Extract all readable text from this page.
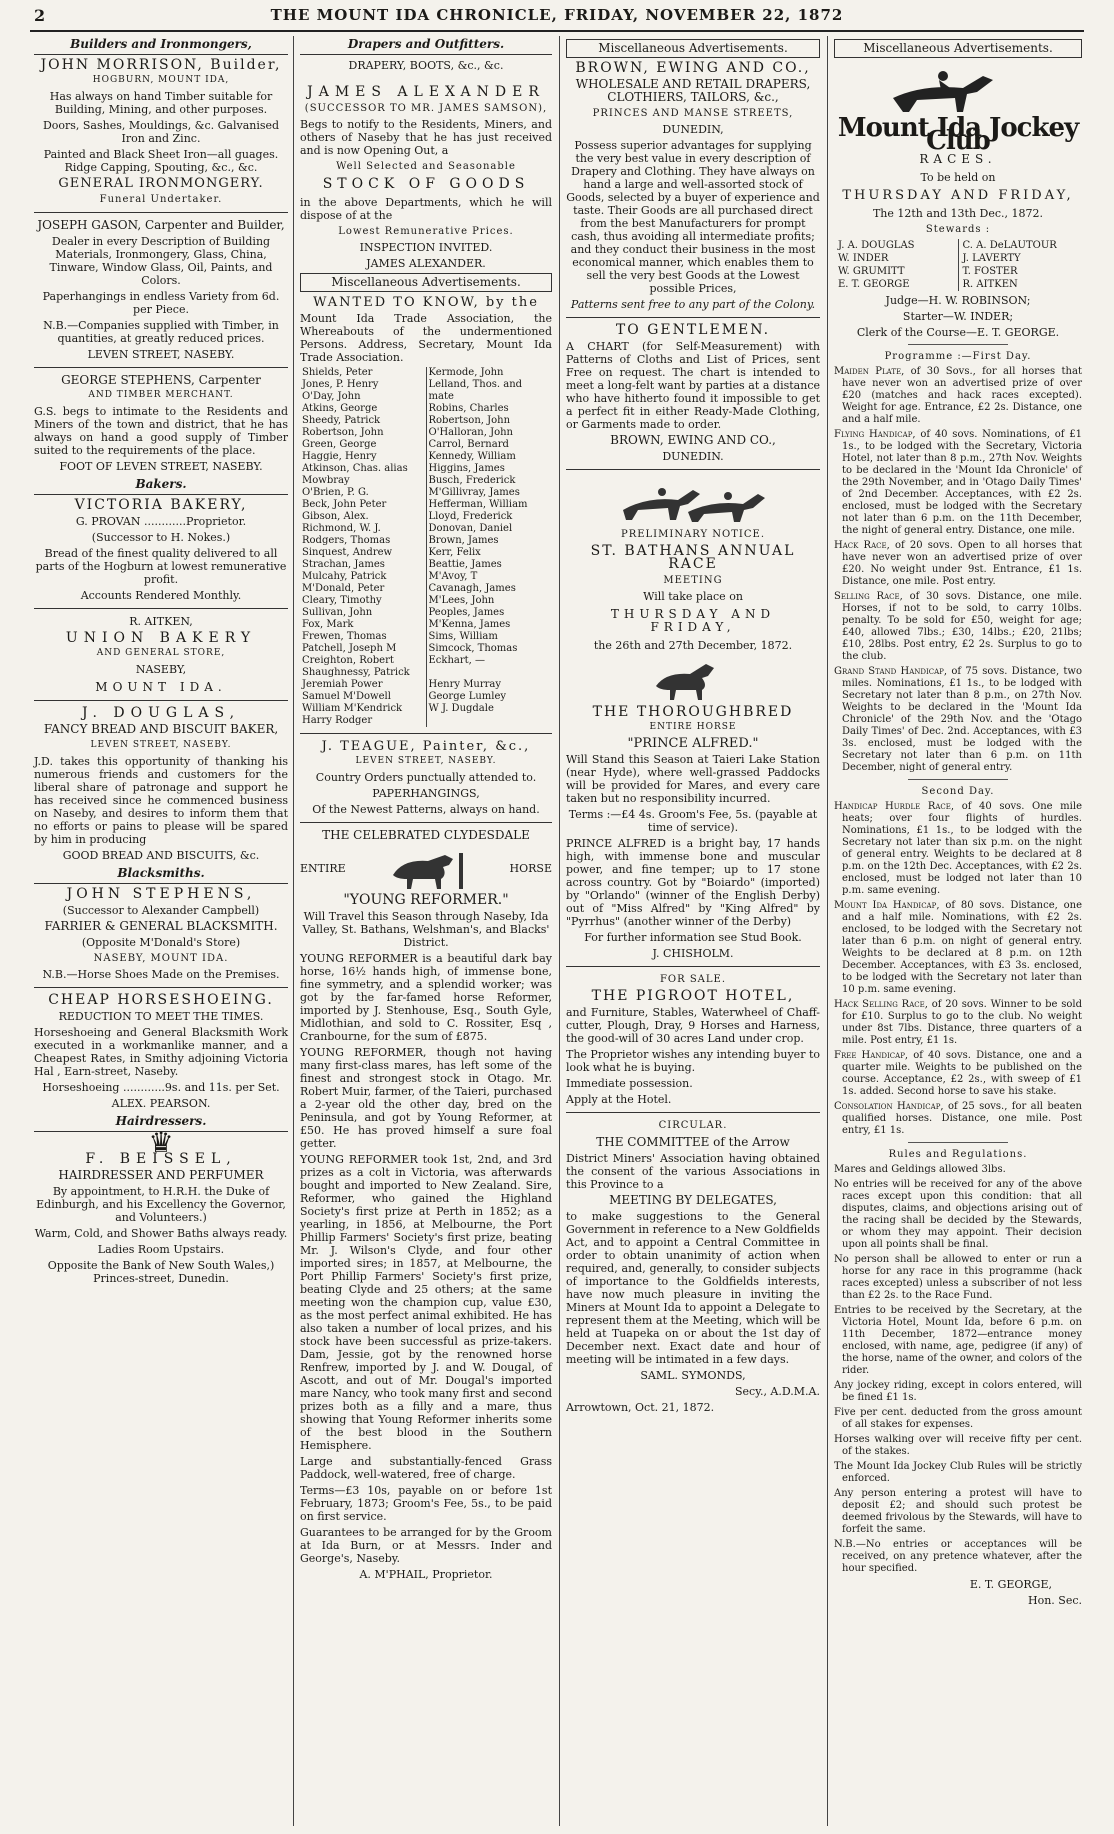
2	THE MOUNT IDA CHRONICLE, FRIDAY, NOVEMBER 22, 1872
Builders and Ironmongers,
JOHN MORRISON, Builder,
HOGBURN, MOUNT IDA,

Has always on hand Timber suitable for Building, Mining, and other purposes.

Doors, Sashes, Mouldings, &c. Galvanised Iron and Zinc.

Painted and Black Sheet Iron—all guages. Ridge Capping, Spouting, &c., &c.

GENERAL IRONMONGERY.

Funeral Undertaker.

JOSEPH GASON, Carpenter and Builder,

Dealer in every Description of Building Materials, Ironmongery, Glass, China, Tinware, Window Glass, Oil, Paints, and Colors.

Paperhangings in endless Variety from 6d. per Piece.

N.B.—Companies supplied with Timber, in quantities, at greatly reduced prices.

LEVEN STREET, NASEBY.

GEORGE STEPHENS, Carpenter
AND TIMBER MERCHANT.

G.S. begs to intimate to the Residents and Miners of the town and district, that he has always on hand a good supply of Timber suited to the requirements of the place.

FOOT OF LEVEN STREET, NASEBY.

Bakers.
VICTORIA BAKERY,

G. PROVAN ............Proprietor.

(Successor to H. Nokes.)

Bread of the finest quality delivered to all parts of the Hogburn at lowest remunerative profit.

Accounts Rendered Monthly.

R. AITKEN,

UNION BAKERY
AND GENERAL STORE,

NASEBY,

MOUNT IDA.

J. DOUGLAS,

FANCY BREAD AND BISCUIT BAKER,

LEVEN STREET, NASEBY.

J.D. takes this opportunity of thanking his numerous friends and customers for the liberal share of patronage and support he has received since he commenced business on Naseby, and desires to inform them that no efforts or pains to please will be spared by him in producing

GOOD BREAD AND BISCUITS, &c.

Blacksmiths.
JOHN STEPHENS,

(Successor to Alexander Campbell)

FARRIER & GENERAL BLACKSMITH.

(Opposite M'Donald's Store)

NASEBY, MOUNT IDA.

N.B.—Horse Shoes Made on the Premises.

CHEAP HORSESHOEING.

REDUCTION TO MEET THE TIMES.

Horseshoeing and General Blacksmith Work executed in a workmanlike manner, and a Cheapest Rates, in Smithy adjoining Victoria Hal , Earn-street, Naseby.

Horseshoeing ............9s. and 11s. per Set.

ALEX. PEARSON.

Hairdressers.
♛
F. BEISSEL,

HAIRDRESSER AND PERFUMER

By appointment, to H.R.H. the Duke of Edinburgh, and his Excellency the Governor, and Volunteers.)

Warm, Cold, and Shower Baths always ready.

Ladies Room Upstairs.

Opposite the Bank of New South Wales,) Princes-street, Dunedin.

Drapers and Outfitters.

DRAPERY, BOOTS, &c., &c.

JAMES ALEXANDER

(SUCCESSOR TO MR. JAMES SAMSON),

Begs to notify to the Residents, Miners, and others of Naseby that he has just received and is now Opening Out, a

Well Selected and Seasonable

STOCK OF GOODS

in the above Departments, which he will dispose of at the

Lowest Remunerative Prices.

INSPECTION INVITED.

JAMES ALEXANDER.

Miscellaneous Advertisements.
WANTED TO KNOW, by the

Mount Ida Trade Association, the Whereabouts of the undermentioned Persons. Address, Secretary, Mount Ida Trade Association.

Shields, Peter
Jones, P. Henry
O'Day, John
Atkins, George
Sheedy, Patrick
Robertson, John
Green, George
Haggie, Henry
Atkinson, Chas. alias Mowbray
O'Brien, P. G.
Beck, John Peter
Gibson, Alex.
Richmond, W. J.
Rodgers, Thomas
Sinquest, Andrew
Strachan, James
Mulcahy, Patrick
M'Donald, Peter
Cleary, Timothy
Sullivan, John
Fox, Mark
Frewen, Thomas
Patchell, Joseph M
Creighton, Robert
Shaughnessy, Patrick
Jeremiah Power
Samuel M'Dowell
William M'Kendrick
Harry Rodger
Kermode, John
Lelland, Thos. and mate
Robins, Charles
Robertson, John
O'Halloran, John
Carrol, Bernard
Kennedy, William
Higgins, James
Busch, Frederick
M'Gillivray, James
Hefferman, William
Lloyd, Frederick
Donovan, Daniel
Brown, James
Kerr, Felix
Beattie, James
M'Avoy, T
Cavanagh, James
M'Lees, John
Peoples, James
M'Kenna, James
Sims, William
Simcock, Thomas
Eckhart, —

Henry Murray
George Lumley
W J. Dugdale
J. TEAGUE, Painter, &c.,
LEVEN STREET, NASEBY.

Country Orders punctually attended to.

PAPERHANGINGS,

Of the Newest Patterns, always on hand.

THE CELEBRATED CLYDESDALE

ENTIRE	HORSE

"YOUNG REFORMER."

Will Travel this Season through Naseby, Ida Valley, St. Bathans, Welshman's, and Blacks' District.

YOUNG REFORMER is a beautiful dark bay horse, 16½ hands high, of immense bone, fine symmetry, and a splendid worker; was got by the far-famed horse Reformer, imported by J. Stenhouse, Esq., South Gyle, Midlothian, and sold to C. Rossiter, Esq , Cranbourne, for the sum of £875.

YOUNG REFORMER, though not having many first-class mares, has left some of the finest and strongest stock in Otago. Mr. Robert Muir, farmer, of the Taieri, purchased a 2-year old the other day, bred on the Peninsula, and got by Young Reformer, at £50. He has proved himself a sure foal getter.

YOUNG REFORMER took 1st, 2nd, and 3rd prizes as a colt in Victoria, was afterwards bought and imported to New Zealand. Sire, Reformer, who gained the Highland Society's first prize at Perth in 1852; as a yearling, in 1856, at Melbourne, the Port Phillip Farmers' Society's first prize, beating Mr. J. Wilson's Clyde, and four other imported sires; in 1857, at Melbourne, the Port Phillip Farmers' Society's first prize, beating Clyde and 25 others; at the same meeting won the champion cup, value £30, as the most perfect animal exhibited. He has also taken a number of local prizes, and his stock have been successful as prize-takers. Dam, Jessie, got by the renowned horse Renfrew, imported by J. and W. Dougal, of Ascott, and out of Mr. Dougal's imported mare Nancy, who took many first and second prizes both as a filly and a mare, thus showing that Young Reformer inherits some of the best blood in the Southern Hemisphere.

Large and substantially-fenced Grass Paddock, well-watered, free of charge.

Terms—£3 10s, payable on or before 1st February, 1873; Groom's Fee, 5s., to be paid on first service.

Guarantees to be arranged for by the Groom at Ida Burn, or at Messrs. Inder and George's, Naseby.

A. M'PHAIL, Proprietor.

Miscellaneous Advertisements.
BROWN, EWING AND CO.,

WHOLESALE AND RETAIL DRAPERS, CLOTHIERS, TAILORS, &c.,

PRINCES AND MANSE STREETS,

DUNEDIN,

Possess superior advantages for supplying the very best value in every description of Drapery and Clothing. They have always on hand a large and well-assorted stock of Goods, selected by a buyer of experience and taste. Their Goods are all purchased direct from the best Manufacturers for prompt cash, thus avoiding all intermediate profits; and they conduct their business in the most economical manner, which enables them to sell the very best Goods at the Lowest possible Prices,

Patterns sent free to any part of the Colony.

TO GENTLEMEN.

A CHART (for Self-Measurement) with Patterns of Cloths and List of Prices, sent Free on request. The chart is intended to meet a long-felt want by parties at a distance who have hitherto found it impossible to get a perfect fit in either Ready-Made Clothing, or Garments made to order.

BROWN, EWING AND CO.,

DUNEDIN.

PRELIMINARY NOTICE.

ST. BATHANS ANNUAL RACE

MEETING

Will take place on

THURSDAY AND FRIDAY,

the 26th and 27th December, 1872.

THE THOROUGHBRED
ENTIRE HORSE

"PRINCE ALFRED."

Will Stand this Season at Taieri Lake Station (near Hyde), where well-grassed Paddocks will be provided for Mares, and every care taken but no responsibility incurred.

Terms :—£4 4s. Groom's Fee, 5s. (payable at time of service).

PRINCE ALFRED is a bright bay, 17 hands high, with immense bone and muscular power, and fine temper; up to 17 stone across country. Got by "Boiardo" (imported) by "Orlando" (winner of the English Derby) out of "Miss Alfred" by "King Alfred" by "Pyrrhus" (another winner of the Derby)

For further information see Stud Book.

J. CHISHOLM.

FOR SALE.

THE PIGROOT HOTEL,

and Furniture, Stables, Waterwheel of Chaff-cutter, Plough, Dray, 9 Horses and Harness, the good-will of 30 acres Land under crop.

The Proprietor wishes any intending buyer to look what he is buying.

Immediate possession.

Apply at the Hotel.

CIRCULAR.

THE COMMITTEE of the Arrow

District Miners' Association having obtained the consent of the various Associations in this Province to a

MEETING BY DELEGATES,

to make suggestions to the General Government in reference to a New Goldfields Act, and to appoint a Central Committee in order to obtain unanimity of action when required, and, generally, to consider subjects of importance to the Goldfields interests, have now much pleasure in inviting the Miners at Mount Ida to appoint a Delegate to represent them at the Meeting, which will be held at Tuapeka on or about the 1st day of December next. Exact date and hour of meeting will be intimated in a few days.

SAML. SYMONDS,

Secy., A.D.M.A.

Arrowtown, Oct. 21, 1872.

Miscellaneous Advertisements.
Mount Ida Jockey Club

RACES.

To be held on

THURSDAY AND FRIDAY,

The 12th and 13th Dec., 1872.

Stewards :

J. A. DOUGLAS
W. INDER
W. GRUMITT
E. T. GEORGE
C. A. DeLAUTOUR
J. LAVERTY
T. FOSTER
R. AITKEN

Judge—H. W. ROBINSON;

Starter—W. INDER;

Clerk of the Course—E. T. GEORGE.

Programme :—First Day.

Maiden Plate, of 30 Sovs., for all horses that have never won an advertised prize of over £20 (matches and hack races excepted). Weight for age. Entrance, £2 2s. Distance, one and a half mile.

Flying Handicap, of 40 sovs. Nominations, of £1 1s., to be lodged with the Secretary, Victoria Hotel, not later than 8 p.m., 27th Nov. Weights to be declared in the 'Mount Ida Chronicle' of the 29th November, and in 'Otago Daily Times' of 2nd December. Acceptances, with £2 2s. enclosed, must be lodged with the Secretary not later than 6 p.m. on the 11th December, the night of general entry. Distance, one mile.

Hack Race, of 20 sovs. Open to all horses that have never won an advertised prize of over £20. No weight under 9st. Entrance, £1 1s. Distance, one mile. Post entry.

Selling Race, of 30 sovs. Distance, one mile. Horses, if not to be sold, to carry 10lbs. penalty. To be sold for £50, weight for age; £40, allowed 7lbs.; £30, 14lbs.; £20, 21lbs; £10, 28lbs. Post entry, £2 2s. Surplus to go to the club.

Grand Stand Handicap, of 75 sovs. Distance, two miles. Nominations, £1 1s., to be lodged with Secretary not later than 8 p.m., on 27th Nov. Weights to be declared in the 'Mount Ida Chronicle' of the 29th Nov. and the 'Otago Daily Times' of Dec. 2nd. Acceptances, with £3 3s. enclosed, must be lodged with the Secretary not later than 6 p.m. on 11th December, night of general entry.

Second Day.

Handicap Hurdle Race, of 40 sovs. One mile heats; over four flights of hurdles. Nominations, £1 1s., to be lodged with the Secretary not later than six p.m. on the night of general entry. Weights to be declared at 8 p.m. on the 12th Dec. Acceptances, with £2 2s. enclosed, must be lodged not later than 10 p.m. same evening.

Mount Ida Handicap, of 80 sovs. Distance, one and a half mile. Nominations, with £2 2s. enclosed, to be lodged with the Secretary not later than 6 p.m. on night of general entry. Weights to be declared at 8 p.m. on 12th December. Acceptances, with £3 3s. enclosed, to be lodged with the Secretary not later than 10 p.m. same evening.

Hack Selling Race, of 20 sovs. Winner to be sold for £10. Surplus to go to the club. No weight under 8st 7lbs. Distance, three quarters of a mile. Post entry, £1 1s.

Free Handicap, of 40 sovs. Distance, one and a quarter mile. Weights to be published on the course. Acceptance, £2 2s., with sweep of £1 1s. added. Second horse to save his stake.

Consolation Handicap, of 25 sovs., for all beaten qualified horses. Distance, one mile. Post entry, £1 1s.

Rules and Regulations.

Mares and Geldings allowed 3lbs.

No entries will be received for any of the above races except upon this condition: that all disputes, claims, and objections arising out of the racing shall be decided by the Stewards, or whom they may appoint. Their decision upon all points shall be final.

No person shall be allowed to enter or run a horse for any race in this programme (hack races excepted) unless a subscriber of not less than £2 2s. to the Race Fund.

Entries to be received by the Secretary, at the Victoria Hotel, Mount Ida, before 6 p.m. on 11th December, 1872—entrance money enclosed, with name, age, pedigree (if any) of the horse, name of the owner, and colors of the rider.

Any jockey riding, except in colors entered, will be fined £1 1s.

Five per cent. deducted from the gross amount of all stakes for expenses.

Horses walking over will receive fifty per cent. of the stakes.

The Mount Ida Jockey Club Rules will be strictly enforced.

Any person entering a protest will have to deposit £2; and should such protest be deemed frivolous by the Stewards, will have to forfeit the same.

N.B.—No entries or acceptances will be received, on any pretence whatever, after the hour specified.

E. T. GEORGE,

Hon. Sec.
